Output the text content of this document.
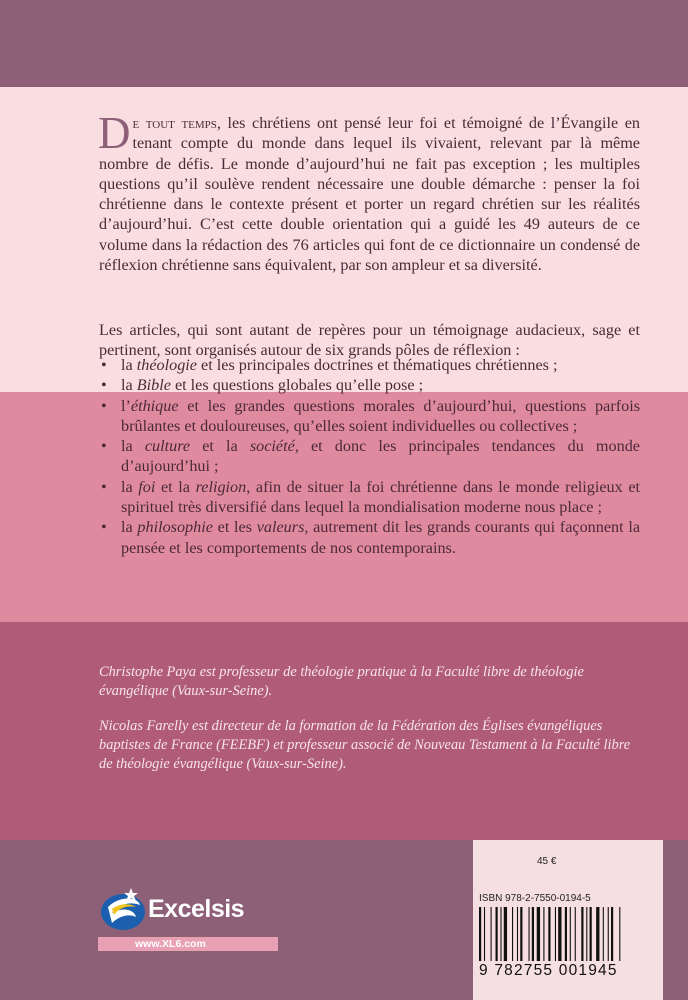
De tout temps, les chrétiens ont pensé leur foi et témoigné de l’Évangile en tenant compte du monde dans lequel ils vivaient, relevant par là même nombre de défis. Le monde d’aujourd’hui ne fait pas exception ; les multiples questions qu’il soulève rendent nécessaire une double démarche : penser la foi chrétienne dans le contexte présent et porter un regard chrétien sur les réalités d’aujourd’hui. C’est cette double orientation qui a guidé les 49 auteurs de ce volume dans la rédaction des 76 articles qui font de ce dictionnaire un condensé de réflexion chrétienne sans équivalent, par son ampleur et sa diversité.
Les articles, qui sont autant de repères pour un témoignage audacieux, sage et pertinent, sont organisés autour de six grands pôles de réflexion :
• la théologie et les principales doctrines et thématiques chrétiennes ;
• la Bible et les questions globales qu’elle pose ;
• l’éthique et les grandes questions morales d’aujourd’hui, questions parfois brûlantes et douloureuses, qu’elles soient individuelles ou collectives ;
• la culture et la société, et donc les principales tendances du monde d’aujourd’hui ;
• la foi et la religion, afin de situer la foi chrétienne dans le monde religieux et spirituel très diversifié dans lequel la mondialisation moderne nous place ;
• la philosophie et les valeurs, autrement dit les grands courants qui façonnent la pensée et les comportements de nos contemporains.

Christophe Paya est professeur de théologie pratique à la Faculté libre de théologie évangélique (Vaux-sur-Seine).

Nicolas Farelly est directeur de la formation de la Fédération des Églises évangéliques baptistes de France (FEEBF) et professeur associé de Nouveau Testament à la Faculté libre de théologie évangélique (Vaux-sur-Seine).

Excelsis
www.XL6.com
45 €
ISBN 978-2-7550-0194-5
9 782755 001945
